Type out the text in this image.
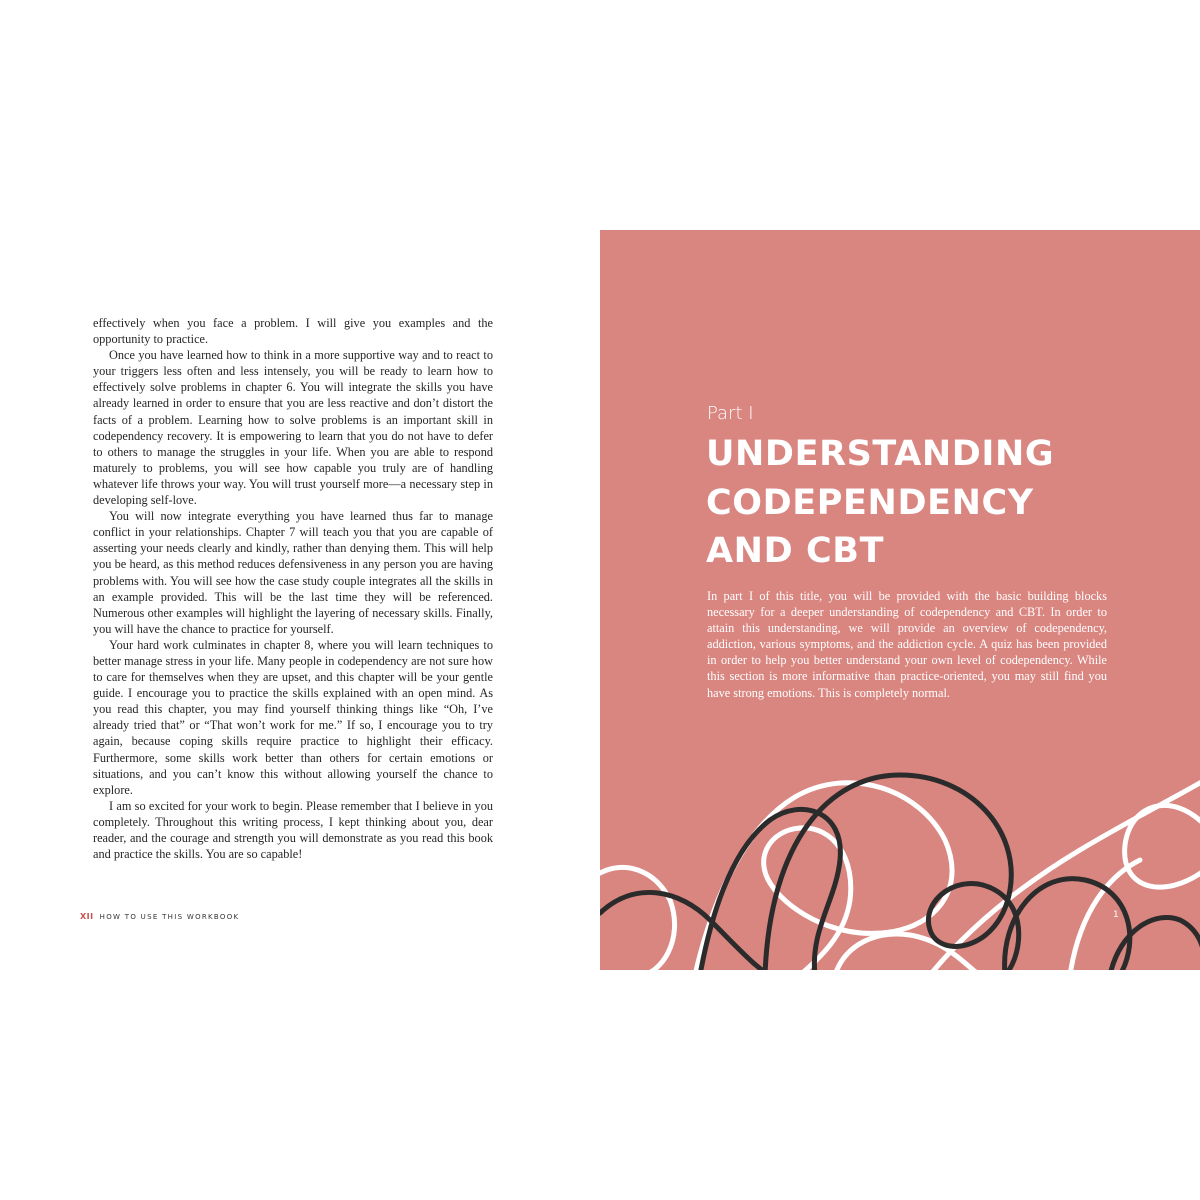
effectively when you face a problem. I will give you examples and the opportunity to practice.

Once you have learned how to think in a more supportive way and to react to your triggers less often and less intensely, you will be ready to learn how to effectively solve problems in chapter 6. You will integrate the skills you have already learned in order to ensure that you are less reactive and don’t distort the facts of a problem. Learning how to solve problems is an important skill in codependency recovery. It is empowering to learn that you do not have to defer to others to manage the struggles in your life. When you are able to respond maturely to problems, you will see how capable you truly are of handling whatever life throws your way. You will trust yourself more—a necessary step in developing self-love.

You will now integrate everything you have learned thus far to manage conflict in your relationships. Chapter 7 will teach you that you are capable of asserting your needs clearly and kindly, rather than denying them. This will help you be heard, as this method reduces defensiveness in any person you are having problems with. You will see how the case study couple integrates all the skills in an example provided. This will be the last time they will be referenced. Numerous other examples will highlight the layering of necessary skills. Finally, you will have the chance to practice for yourself.

Your hard work culminates in chapter 8, where you will learn techniques to better manage stress in your life. Many people in codependency are not sure how to care for themselves when they are upset, and this chapter will be your gentle guide. I encourage you to practice the skills explained with an open mind. As you read this chapter, you may find yourself thinking things like “Oh, I’ve already tried that” or “That won’t work for me.” If so, I encourage you to try again, because coping skills require practice to highlight their efficacy. Furthermore, some skills work better than others for certain emotions or situations, and you can’t know this without allowing yourself the chance to explore.

I am so excited for your work to begin. Please remember that I believe in you completely. Throughout this writing process, I kept thinking about you, dear reader, and the courage and strength you will demonstrate as you read this book and practice the skills. You are so capable!

XII HOW TO USE THIS WORKBOOK
Part I
UNDERSTANDING
CODEPENDENCY
AND CBT

In part I of this title, you will be provided with the basic building blocks necessary for a deeper understanding of codependency and CBT. In order to attain this understanding, we will provide an overview of codependency, addiction, various symptoms, and the addiction cycle. A quiz has been provided in order to help you better understand your own level of codependency. While this section is more informative than practice-oriented, you may still find you have strong emotions. This is completely normal.

1
